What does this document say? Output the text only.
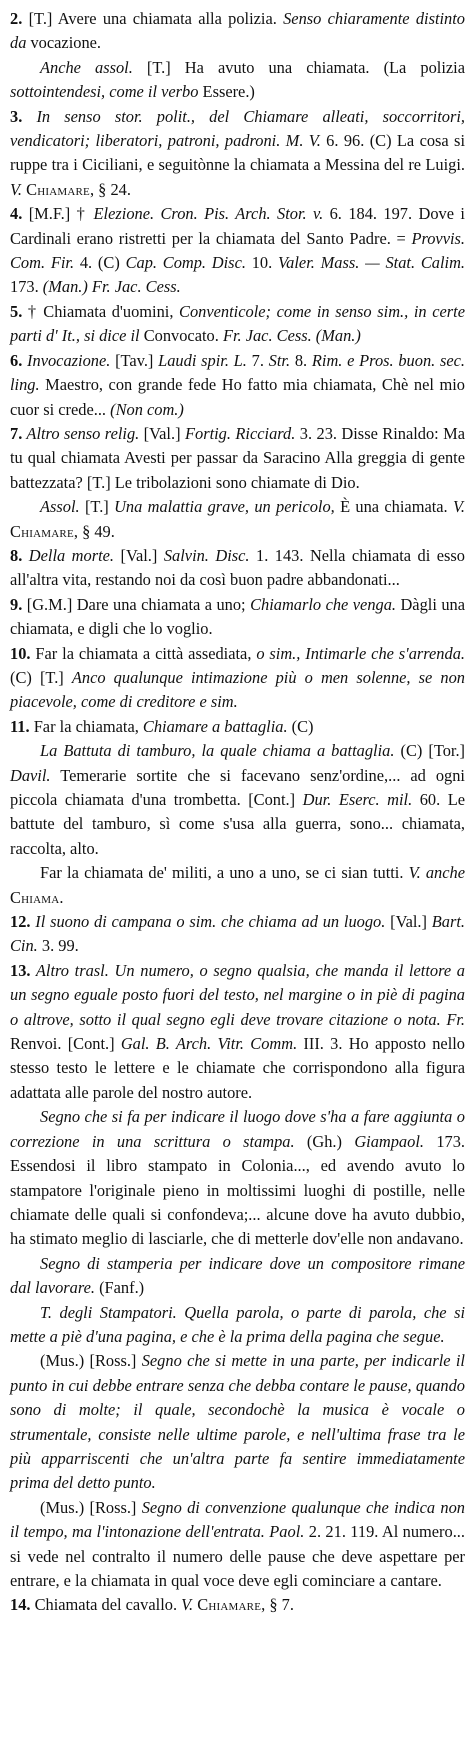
2. [T.] Avere una chiamata alla polizia. Senso chiaramente distinto da vocazione.

Anche assol. [T.] Ha avuto una chiamata. (La polizia sottointendesi, come il verbo Essere.)

3. In senso stor. polit., del Chiamare alleati, soccorritori, vendicatori; liberatori, patroni, padroni. M. V. 6. 96. (C) La cosa si ruppe tra i Ciciliani, e seguitònne la chiamata a Messina del re Luigi. V. Chiamare, § 24.

4. [M.F.] † Elezione. Cron. Pis. Arch. Stor. v. 6. 184. 197. Dove i Cardinali erano ristretti per la chiamata del Santo Padre. = Provvis. Com. Fir. 4. (C) Cap. Comp. Disc. 10. Valer. Mass. — Stat. Calim. 173. (Man.) Fr. Jac. Cess.

5. † Chiamata d'uomini, Conventicole; come in senso sim., in certe parti d' It., si dice il Convocato. Fr. Jac. Cess. (Man.)

6. Invocazione. [Tav.] Laudi spir. L. 7. Str. 8. Rim. e Pros. buon. sec. ling. Maestro, con grande fede Ho fatto mia chiamata, Chè nel mio cuor si crede... (Non com.)

7. Altro senso relig. [Val.] Fortig. Ricciard. 3. 23. Disse Rinaldo: Ma tu qual chiamata Avesti per passar da Saracino Alla greggia di gente battezzata? [T.] Le tribolazioni sono chiamate di Dio.

Assol. [T.] Una malattia grave, un pericolo, È una chiamata. V. Chiamare, § 49.

8. Della morte. [Val.] Salvin. Disc. 1. 143. Nella chiamata di esso all'altra vita, restando noi da così buon padre abbandonati...

9. [G.M.] Dare una chiamata a uno; Chiamarlo che venga. Dàgli una chiamata, e digli che lo voglio.

10. Far la chiamata a città assediata, o sim., Intimarle che s'arrenda. (C) [T.] Anco qualunque intimazione più o men solenne, se non piacevole, come di creditore e sim.

11. Far la chiamata, Chiamare a battaglia. (C)

La Battuta di tamburo, la quale chiama a battaglia. (C) [Tor.] Davil. Temerarie sortite che si facevano senz'ordine,... ad ogni piccola chiamata d'una trombetta. [Cont.] Dur. Eserc. mil. 60. Le battute del tamburo, sì come s'usa alla guerra, sono... chiamata, raccolta, alto.

Far la chiamata de' militi, a uno a uno, se ci sian tutti. V. anche Chiama.

12. Il suono di campana o sim. che chiama ad un luogo. [Val.] Bart. Cin. 3. 99.

13. Altro trasl. Un numero, o segno qualsia, che manda il lettore a un segno eguale posto fuori del testo, nel margine o in piè di pagina o altrove, sotto il qual segno egli deve trovare citazione o nota. Fr. Renvoi. [Cont.] Gal. B. Arch. Vitr. Comm. III. 3. Ho apposto nello stesso testo le lettere e le chiamate che corrispondono alla figura adattata alle parole del nostro autore.

Segno che si fa per indicare il luogo dove s'ha a fare aggiunta o correzione in una scrittura o stampa. (Gh.) Giampaol. 173. Essendosi il libro stampato in Colonia..., ed avendo avuto lo stampatore l'originale pieno in moltissimi luoghi di postille, nelle chiamate delle quali si confondeva;... alcune dove ha avuto dubbio, ha stimato meglio di lasciarle, che di metterle dov'elle non andavano.

Segno di stamperia per indicare dove un compositore rimane dal lavorare. (Fanf.)

T. degli Stampatori. Quella parola, o parte di parola, che si mette a piè d'una pagina, e che è la prima della pagina che segue.

(Mus.) [Ross.] Segno che si mette in una parte, per indicarle il punto in cui debbe entrare senza che debba contare le pause, quando sono di molte; il quale, secondochè la musica è vocale o strumentale, consiste nelle ultime parole, e nell'ultima frase tra le più apparriscenti che un'altra parte fa sentire immediatamente prima del detto punto.

(Mus.) [Ross.] Segno di convenzione qualunque che indica non il tempo, ma l'intonazione dell'entrata. Paol. 2. 21. 119. Al numero... si vede nel contralto il numero delle pause che deve aspettare per entrare, e la chiamata in qual voce deve egli cominciare a cantare.

14. Chiamata del cavallo. V. Chiamare, § 7.
